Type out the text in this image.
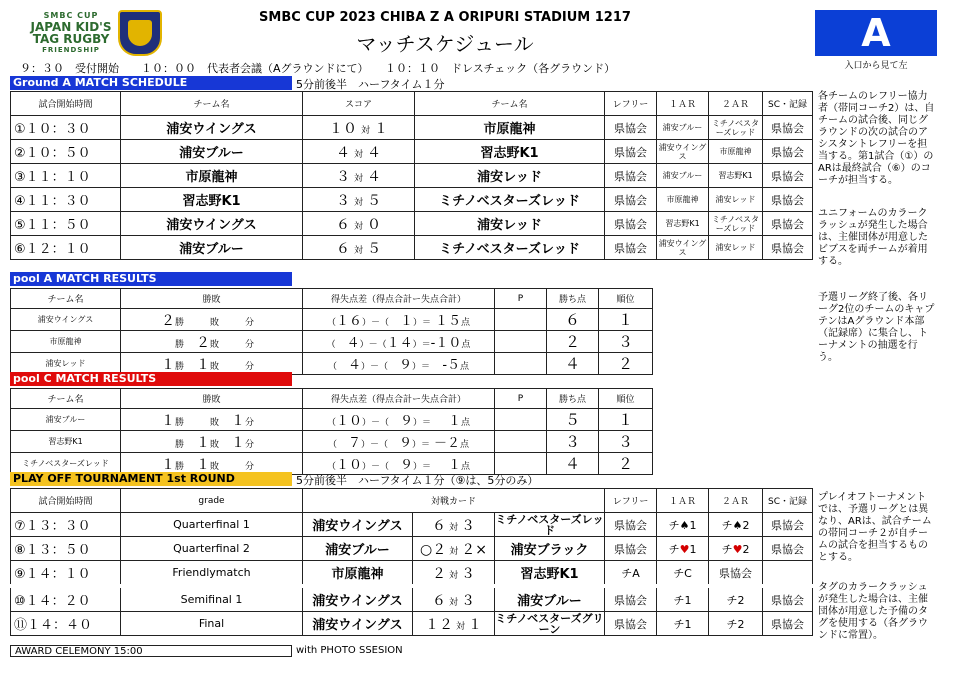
SMBC CUP
JAPAN KID'S
TAG RUGBY
FRIENDSHIP
SMBC CUP 2023 CHIBA Z A ORIPURI STADIUM 1217
マッチスケジュール	A
入口から見て左
９：３０　受付開始　　１０：００　代表者会議（Aグラウンドにて）　　１０：１０　ドレスチェック（各グラウンド）
Ground A MATCH SCHEDULE	5分前後半　ハーフタイム１分
試合開始時間	チーム名	スコア	チーム名	レフリー	１ＡＲ	２ＡＲ	SC・記録
①１０：３０	浦安ウイングス	１０ 対 １	市原龍神	県協会	浦安ブルー	ミチノベスターズレッド	県協会
②１０：５０	浦安ブルー	４ 対 ４	習志野K1	県協会	浦安ウイングス	市原龍神	県協会
③１１：１０	市原龍神	３ 対 ４	浦安レッド	県協会	浦安ブルー	習志野K1	県協会
④１１：３０	習志野K1	３ 対 ５	ミチノベスターズレッド	県協会	市原龍神	浦安レッド	県協会
⑤１１：５０	浦安ウイングス	６ 対 ０	浦安レッド	県協会	習志野K1	ミチノベスターズレッド	県協会
⑥１２：１０	浦安ブルー	６ 対 ５	ミチノベスターズレッド	県協会	浦安ウイングス	浦安レッド	県協会
各チームのレフリー協力者（帯同コーチ2）は、自チームの試合後、同じグラウンドの次の試合のアシスタントレフリーを担当する。第1試合（①）のARは最終試合（⑥）のコーチが担当する。
ユニフォームのカラークラッシュが発生した場合は、主催団体が用意したビブスを両チームが着用する。
予選リーグ終了後、各リーグ2位のチームのキャプテンはAグラウンド本部（記録席）に集合し、トーナメントの抽選を行う。
プレイオフトーナメントでは、予選リーグとは異なり、ARは、試合チームの帯同コーチ２が自チームの試合を担当するものとする。
タグのカラークラッシュが発生した場合は、主催団体が用意した予備のタグを使用する（各グラウンドに常置）。
pool A MATCH RESULTS
チーム名	勝敗	得失点差（得点合計ー失点合計）	P	勝ち点	順位
浦安ウイングス	２勝 敗 分	（１６）－（ １）＝ １５点		６	１
市原龍神	勝 ２敗 分	（ ４）－（１４）＝-１０点		２	３
浦安レッド	１勝 １敗 分	（ ４）－（ ９）＝ -５点		４	２
pool C MATCH RESULTS
チーム名	勝敗	得失点差（得点合計ー失点合計）	P	勝ち点	順位
浦安ブルー	１勝 敗 １分	（１０）－（ ９）＝ １点		５	１
習志野K1	勝 １敗 １分	（ ７）－（ ９）＝ －２点		３	３
ミチノベスターズレッド	１勝 １敗 分	（１０）－（ ９）＝ １点		４	２
PLAY OFF TOURNAMENT 1st ROUND	5分前後半　ハーフタイム１分（⑨は、5分のみ）
試合開始時間	grade	対戦カード			レフリー	１ＡＲ	２ＡＲ	SC・記録
⑦１３：３０	Quarterfinal 1	浦安ウイングス	６ 対 ３	ミチノベスターズレッド	県協会	チ♠1	チ♠2	県協会
⑧１３：５０	Quarterfinal 2	浦安ブルー	○２ 対 ２×	浦安ブラック	県協会	チ♥1	チ♥2	県協会
⑨１４：１０	Friendlymatch	市原龍神	２ 対 ３	習志野K1	チA	チC	県協会	
⑩１４：２０	Semifinal 1	浦安ウイングス	６ 対 ３	浦安ブルー	県協会	チ1	チ2	県協会
⑪１４：４０	Final	浦安ウイングス	１２ 対 １	ミチノベスターズグリーン	県協会	チ1	チ2	県協会
AWARD CELEMONY 15:00	with PHOTO SSESION
